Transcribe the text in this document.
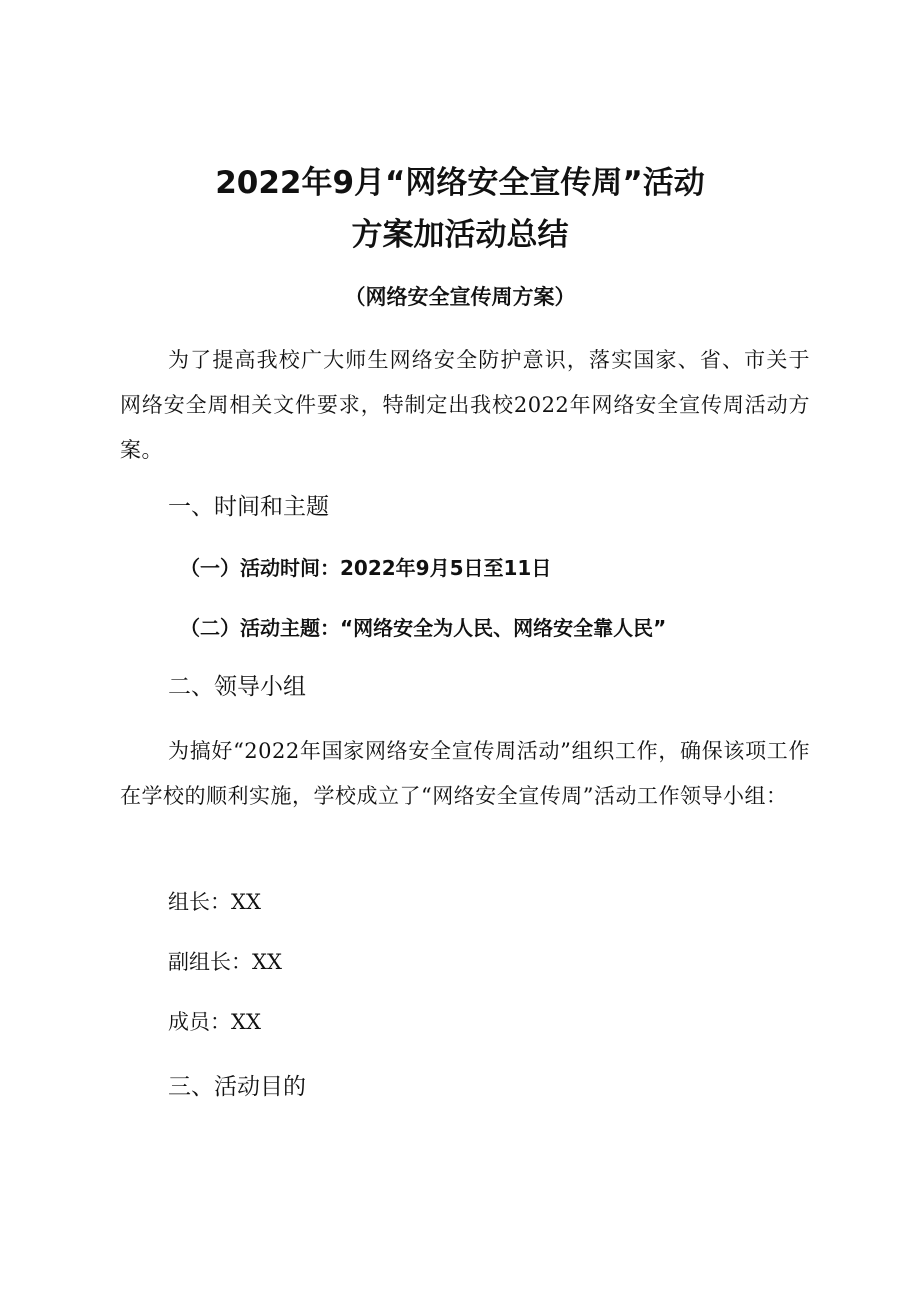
2022年9月“网络安全宣传周”活动
方案加活动总结
（网络安全宣传周方案）

为了提高我校广大师生网络安全防护意识，落实国家、省、市关于网络安全周相关文件要求，特制定出我校2022年网络安全宣传周活动方案。

一、时间和主题
（一）活动时间：2022年9月5日至11日
（二）活动主题：“网络安全为人民、网络安全靠人民”
二、领导小组

为搞好“2022年国家网络安全宣传周活动”组织工作，确保该项工作在学校的顺利实施，学校成立了“网络安全宣传周”活动工作领导小组：

组长：XX
副组长：XX
成员：XX
三、活动目的
